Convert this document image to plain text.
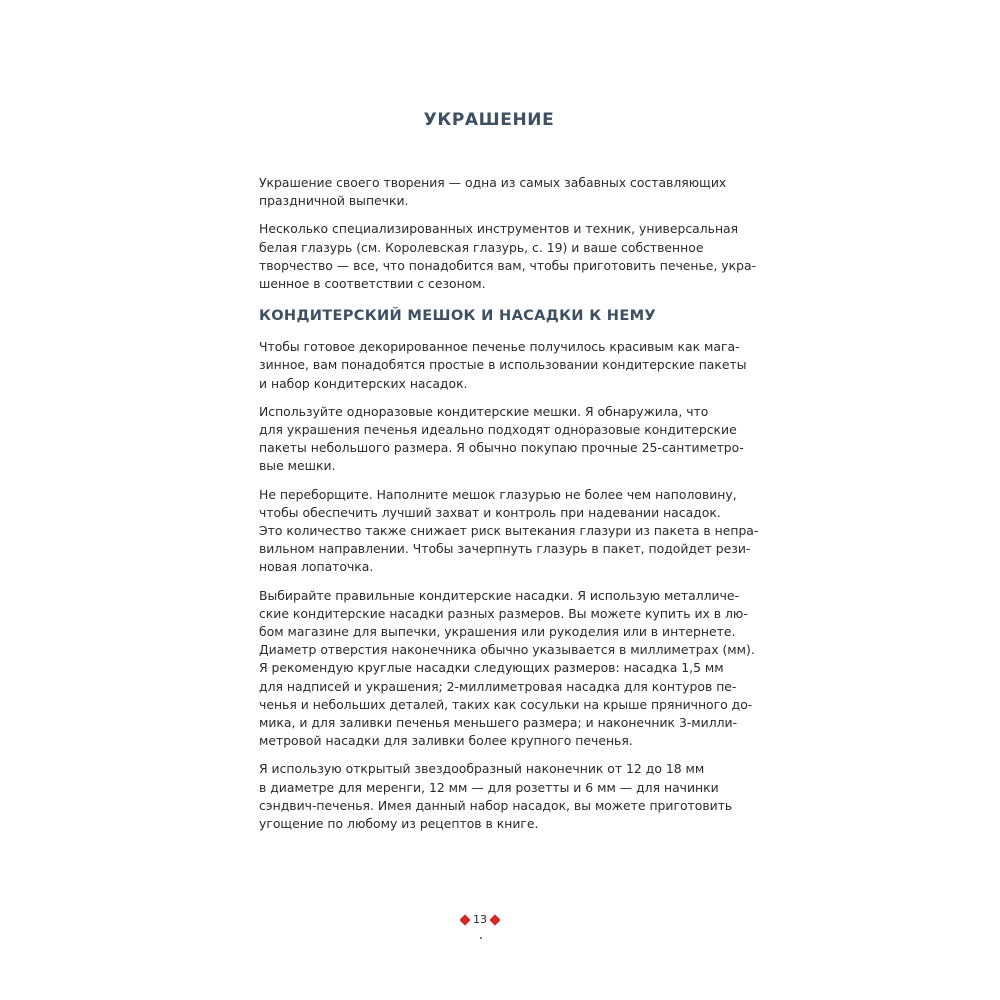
УКРАШЕНИЕ

Украшение своего творения — одна из самых забавных составляющих
праздничной выпечки.

Несколько специализированных инструментов и техник, универсальная
белая глазурь (см. Королевская глазурь, с. 19) и ваше собственное
творчество — все, что понадобится вам, чтобы приготовить печенье, укра-
шенное в соответствии с сезоном.

КОНДИТЕРСКИЙ МЕШОК И НАСАДКИ К НЕМУ

Чтобы готовое декорированное печенье получилось красивым как мага-
зинное, вам понадобятся простые в использовании кондитерские пакеты
и набор кондитерских насадок.

Используйте одноразовые кондитерские мешки. Я обнаружила, что
для украшения печенья идеально подходят одноразовые кондитерские
пакеты небольшого размера. Я обычно покупаю прочные 25-сантиметро-
вые мешки.

Не переборщите. Наполните мешок глазурью не более чем наполовину,
чтобы обеспечить лучший захват и контроль при надевании насадок.
Это количество также снижает риск вытекания глазури из пакета в непра-
вильном направлении. Чтобы зачерпнуть глазурь в пакет, подойдет рези-
новая лопаточка.

Выбирайте правильные кондитерские насадки. Я использую металличе-
ские кондитерские насадки разных размеров. Вы можете купить их в лю-
бом магазине для выпечки, украшения или рукоделия или в интернете.
Диаметр отверстия наконечника обычно указывается в миллиметрах (мм).
Я рекомендую круглые насадки следующих размеров: насадка 1,5 мм
для надписей и украшения; 2-миллиметровая насадка для контуров пе-
ченья и небольших деталей, таких как сосульки на крыше пряничного до-
мика, и для заливки печенья меньшего размера; и наконечник 3-милли-
метровой насадки для заливки более крупного печенья.

Я использую открытый звездообразный наконечник от 12 до 18 мм
в диаметре для меренги, 12 мм — для розетты и 6 мм — для начинки
сэндвич-печенья. Имея данный набор насадок, вы можете приготовить
угощение по любому из рецептов в книге.

13
